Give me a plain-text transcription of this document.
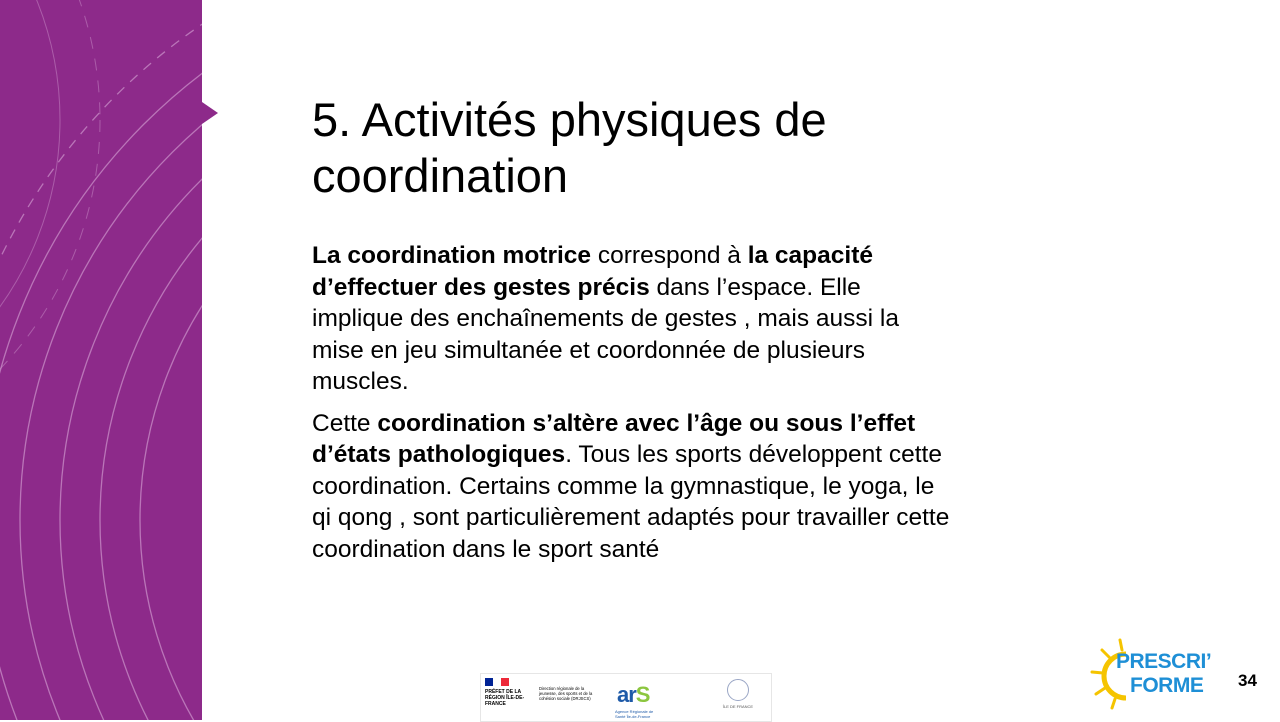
5. Activités physiques de coordination

La coordination motrice correspond à la capacité d’effectuer des gestes précis dans l’espace. Elle implique des enchaînements de gestes , mais aussi la mise en jeu simultanée et coordonnée de plusieurs muscles.

Cette coordination s’altère avec l’âge ou sous l’effet d’états pathologiques. Tous les sports développent cette coordination. Certains comme la gymnastique, le yoga, le qi qong , sont particulièrement adaptés pour travailler cette coordination dans le sport santé

PRÉFET DE LA RÉGION ÎLE-DE-FRANCE
Direction régionale de la jeunesse, des sports et de la cohésion sociale (DRJSCS)	arS
Agence Régionale de Santé Île-de-France
ÎLE DE FRANCE
PRESCRI’
FORME 34
